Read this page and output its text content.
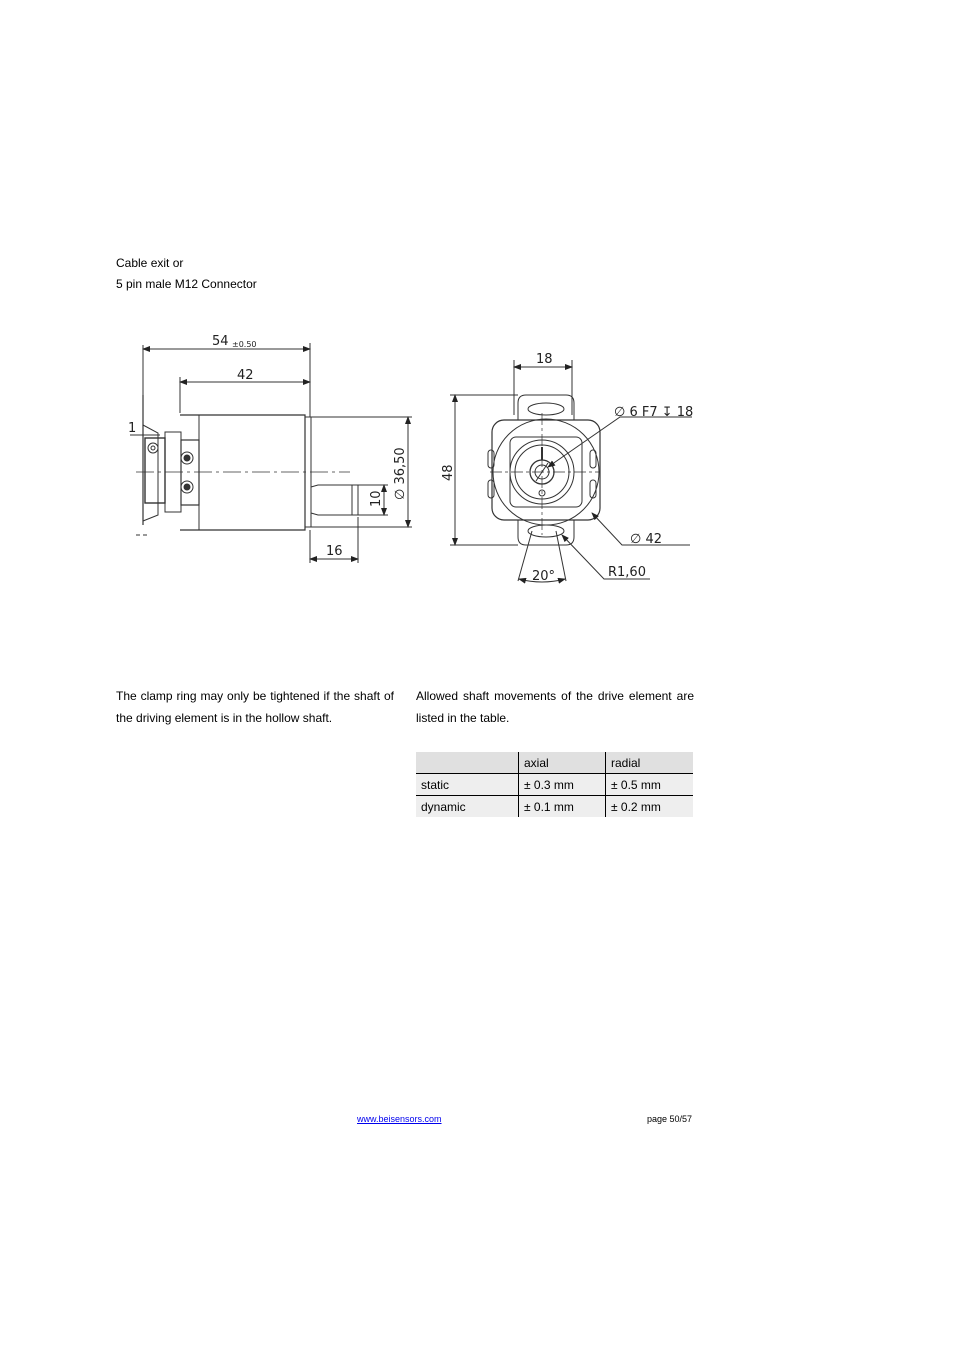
Cable exit or
5 pin male M12 Connector
54 ±0.50
42
1
10 ∅ 36,50
16
18
48
∅ 6 F7 ↧ 18
∅ 42
20°	R1,60
The clamp ring may only be tightened if the shaft of the driving element is in the hollow shaft.
Allowed shaft movements of the drive element are listed in the table.
	axial	radial
static	± 0.3 mm	± 0.5 mm
dynamic	± 0.1 mm	± 0.2 mm
www.beisensors.com	page 50/57
